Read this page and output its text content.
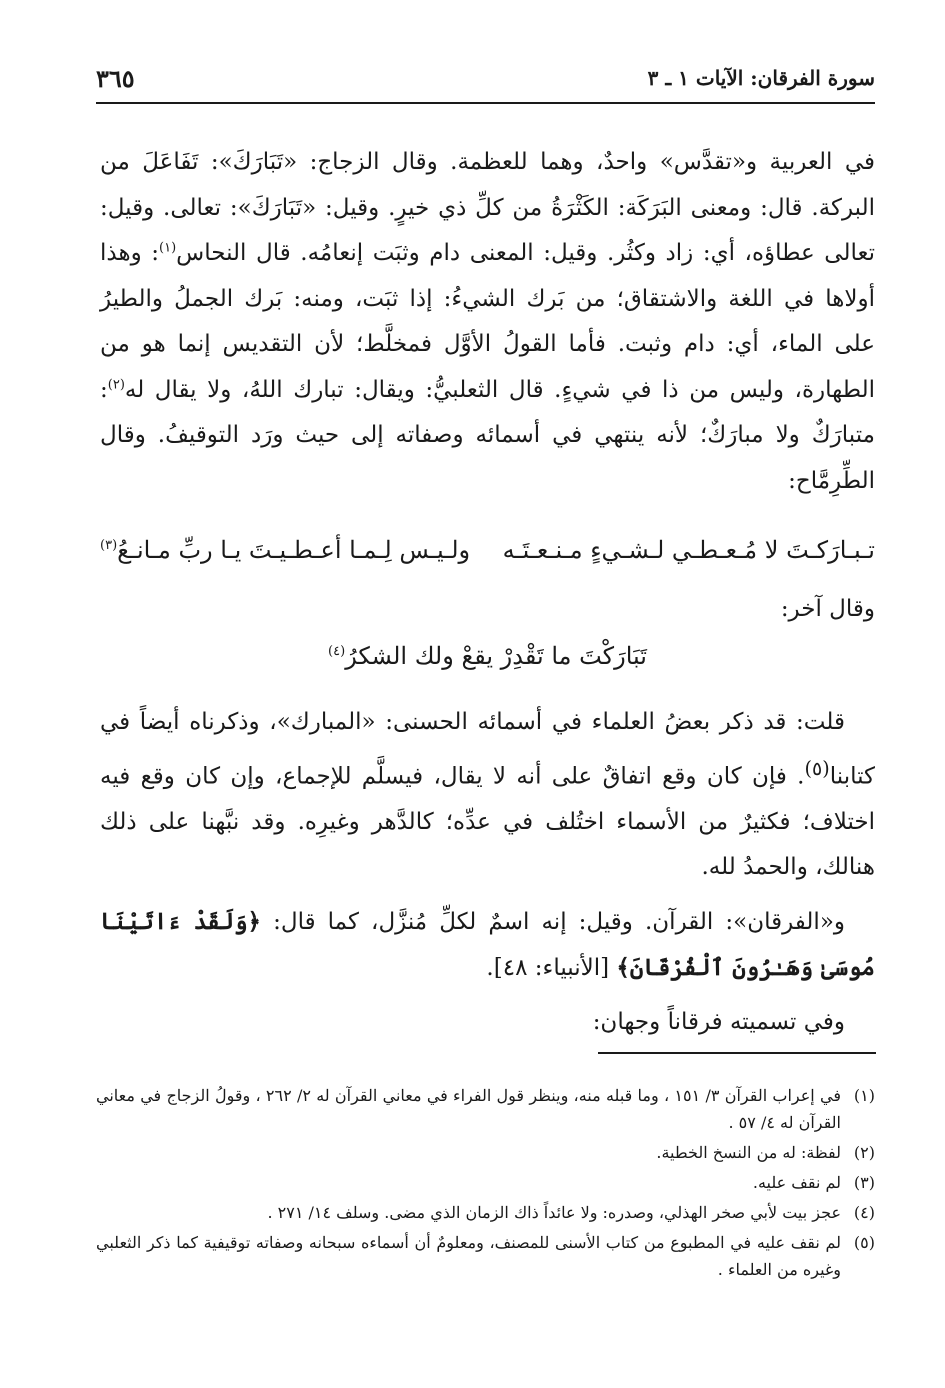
سورة الفرقان: الآيات ١ ـ ٣
٣٦٥

في العربية و«تقدَّس» واحدٌ، وهما للعظمة. وقال الزجاج: «تَبَارَكَ»: تَفَاعَلَ من البركة. قال: ومعنى البَرَكَة: الكَثْرَةُ من كلِّ ذي خيرٍ. وقيل: «تَبَارَكَ»: تعالى. وقيل: تعالى عطاؤه، أي: زاد وكثُر. وقيل: المعنى دام وثبَت إنعامُه. قال النحاس$^{(١)}$: وهذا أولاها في اللغة والاشتقاق؛ من بَرك الشيءُ: إذا ثبَت، ومنه: بَرك الجملُ والطيرُ على الماء، أي: دام وثبت. فأما القولُ الأوَّل فمخلَّط؛ لأن التقديس إنما هو من الطهارة، وليس من ذا في شيءٍ. قال الثعلبيُّ: ويقال: تبارك اللهُ، ولا يقال له$^{(٢)}$: متبارَكٌ ولا مبارَكٌ؛ لأنه ينتهي في أسمائه وصفاته إلى حيث ورَد التوقيفُ. وقال الطِّرِمَّاح:

تـبـارَكـتَ لا مُـعـطـي لـشـيءٍ مـنـعـتَـه
ولـيـس لِـمـا أعـطـيـتَ يـا ربِّ مـانـعُ$^{(٣)}$
وقال آخر:
تَبَارَكْتَ ما تَقْدِرْ يقعْ ولك الشكرُ$^{(٤)}$

قلت: قد ذكر بعضُ العلماء في أسمائه الحسنى: «المبارك»، وذكرناه أيضاً في كتابنا$^{(٥)}$. فإن كان وقع اتفاقٌ على أنه لا يقال، فيسلَّم للإجماع، وإن كان وقع فيه اختلاف؛ فكثيرٌ من الأسماء اختُلف في عدِّه؛ كالدَّهر وغيرِه. وقد نبَّهنا على ذلك هنالك، والحمدُ لله.

و«الفرقان»: القرآن. وقيل: إنه اسمٌ لكلِّ مُنزَّل، كما قال: ﴿وَلَقَدْ ءَاتَيْنَا مُوسَىٰ وَهَـٰرُونَ ٱلْفُرْقَانَ﴾ [الأنبياء: ٤٨].

وفي تسميته فرقاناً وجهان:

(١)
في إعراب القرآن ٣/ ١٥١ ، وما قبله منه، وينظر قول الفراء في معاني القرآن له ٢/ ٢٦٢ ، وقولُ الزجاج في معاني القرآن له ٤/ ٥٧ .
(٢)
لفظة: له من النسخ الخطية.
(٣)
لم نقف عليه.
(٤)
عجز بيت لأبي صخر الهذلي، وصدره: ولا عائداً ذاك الزمان الذي مضى. وسلف ١٤/ ٢٧١ .
(٥)
لم نقف عليه في المطبوع من كتاب الأسنى للمصنف، ومعلومٌ أن أسماءه سبحانه وصفاته توقيفية كما ذكر الثعلبي وغيره من العلماء .
